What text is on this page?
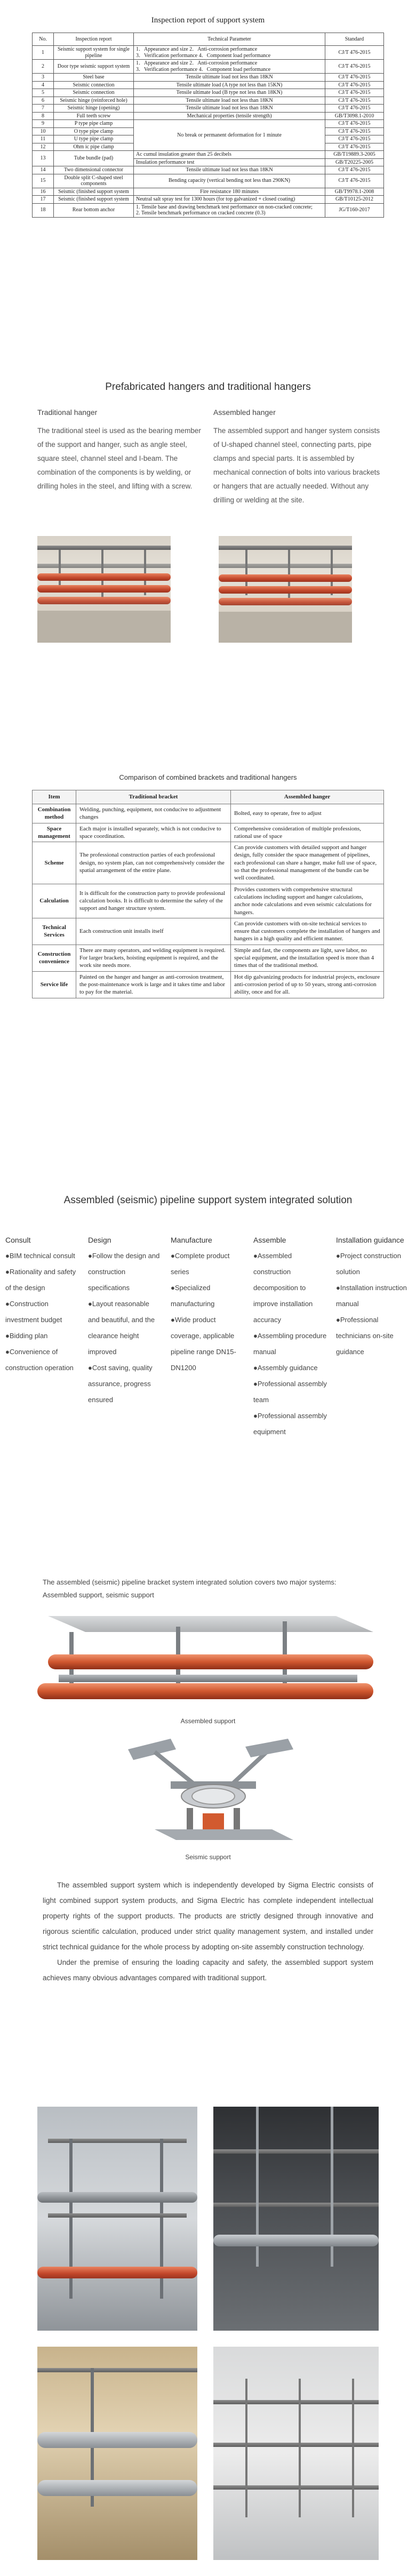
Inspection report of support system
No.	Inspection report	Technical Parameter	Standard
1	Seismic support system for single pipeline	1．Appearance and size 2．Anti-corrosion performance
3．Verification performance 4．Component load performance	CJ/T 476-2015
2	Door type seismic support system	1．Appearance and size 2．Anti-corrosion performance
3．Verification performance 4．Component load performance	CJ/T 476-2015
3	Steel base	Tensile ultimate load not less than 18KN	CJ/T 476-2015
4	Seismic connection	Tensile ultimate load (A type not less than 15KN)	CJ/T 476-2015
5	Seismic connection	Tensile ultimate load (B type not less than 18KN)	CJ/T 476-2015
6	Seismic hinge (reinforced hole)	Tensile ultimate load not less than 18KN	CJ/T 476-2015
7	Seismic hinge (opening)	Tensile ultimate load not less than 18KN	CJ/T 476-2015
8	Full teeth screw	Mechanical properties (tensile strength)	GB/T3098.1-2010
9	P type pipe clamp	No break or permanent deformation for 1 minute	CJ/T 476-2015
10	O type pipe clamp		CJ/T 476-2015
11	U type pipe clamp		CJ/T 476-2015
12	Ohm ic pipe clamp		CJ/T 476-2015
13	Tube bundle (pad)	Ac cumul insulation greater than 25 decibels	GB/T19889.3-2005
		Insulation performance test	GB/T20225-2005
14	Two dimensional connector	Tensile ultimate load not less than 18KN	CJ/T 476-2015
15	Double split C-shaped steel components	Bending capacity (vertical bending not less than 290KN)	CJ/T 476-2015
16	Seismic (finished support system	Fire resistance 180 minutes	GB/T9978.1-2008
17	Seismic (finished support system	Neutral salt spray test for 1300 hours (for top galvanized + closed coating)	GB/T10125-2012
18	Rear bottom anchor	1. Tensile base and drawing benchmark test performance on non-cracked concrete;
2. Tensile benchmark performance on cracked concrete (0.3)	JG/T160-2017
Prefabricated hangers and traditional hangers
Traditional hanger

The traditional steel is used as the bearing member of the support and hanger, such as angle steel, square steel, channel steel and I-beam. The combination of the components is by welding, or drilling holes in the steel, and lifting with a screw.

Assembled hanger

The assembled support and hanger system consists of U-shaped channel steel, connecting parts, pipe clamps and special parts. It is assembled by mechanical connection of bolts into various brackets or hangers that are actually needed. Without any drilling or welding at the site.

Comparison of combined brackets and traditional hangers
Item	Traditional bracket	Assembled hanger
Combination method	Welding, punching, equipment, not conducive to adjustment changes	Bolted, easy to operate, free to adjust
Space management	Each major is installed separately, which is not conducive to space coordination.	Comprehensive consideration of multiple professions, rational use of space
Scheme	The professional construction parties of each professional design, no system plan, can not comprehensively consider the spatial arrangement of the entire plane.	Can provide customers with detailed support and hanger design, fully consider the space management of pipelines, each professional can share a hanger, make full use of space, so that the professional management of the bundle can be well coordinated.
Calculation	It is difficult for the construction party to provide professional calculation books. It is difficult to determine the safety of the support and hanger structure system.	Provides customers with comprehensive structural calculations including support and hanger calculations, anchor node calculations and even seismic calculations for hangers.
Technical Services	Each construction unit installs itself	Can provide customers with on-site technical services to ensure that customers complete the installation of hangers and hangers in a high quality and efficient manner.
Construction convenience	There are many operators, and welding equipment is required. For larger brackets, hoisting equipment is required, and the work site needs more.	Simple and fast, the components are light, save labor, no special equipment, and the installation speed is more than 4 times that of the traditional method.
Service life	Painted on the hanger and hanger as anti-corrosion treatment, the post-maintenance work is large and it takes time and labor to pay for the material.	Hot dip galvanizing products for industrial projects, enclosure anti-corrosion period of up to 50 years, strong anti-corrosion ability, once and for all.
Assembled (seismic) pipeline support system integrated solution
Consult
●BIM technical consult
●Rationality and safety of the design
●Construction investment budget
●Bidding plan
●Convenience of construction operation
Design
●Follow the design and construction specifications
●Layout reasonable and beautiful, and the clearance height improved
●Cost saving, quality assurance, progress ensured
Manufacture
●Complete product series
●Specialized manufacturing
●Wide product coverage, applicable pipeline range DN15-DN1200
Assemble
●Assembled construction decomposition to improve installation accuracy
●Assembling procedure manual
●Assembly guidance
●Professional assembly team
●Professional assembly equipment
Installation guidance
●Project construction solution
●Installation instruction manual
●Professional technicians on-site guidance

The assembled (seismic) pipeline bracket system integrated solution covers two major systems:

Assembled support, seismic support

Assembled support
Seismic support

The assembled support system which is independently developed by Sigma Electric consists of light combined support system products, and Sigma Electric has complete independent intellectual property rights of the support products. The products are strictly designed through innovative and rigorous scientific calculation, produced under strict quality management system, and installed under strict technical guidance for the whole process by adopting on-site assembly construction technology.

Under the premise of ensuring the loading capacity and safety, the assembled support system achieves many obvious advantages compared with traditional support.
